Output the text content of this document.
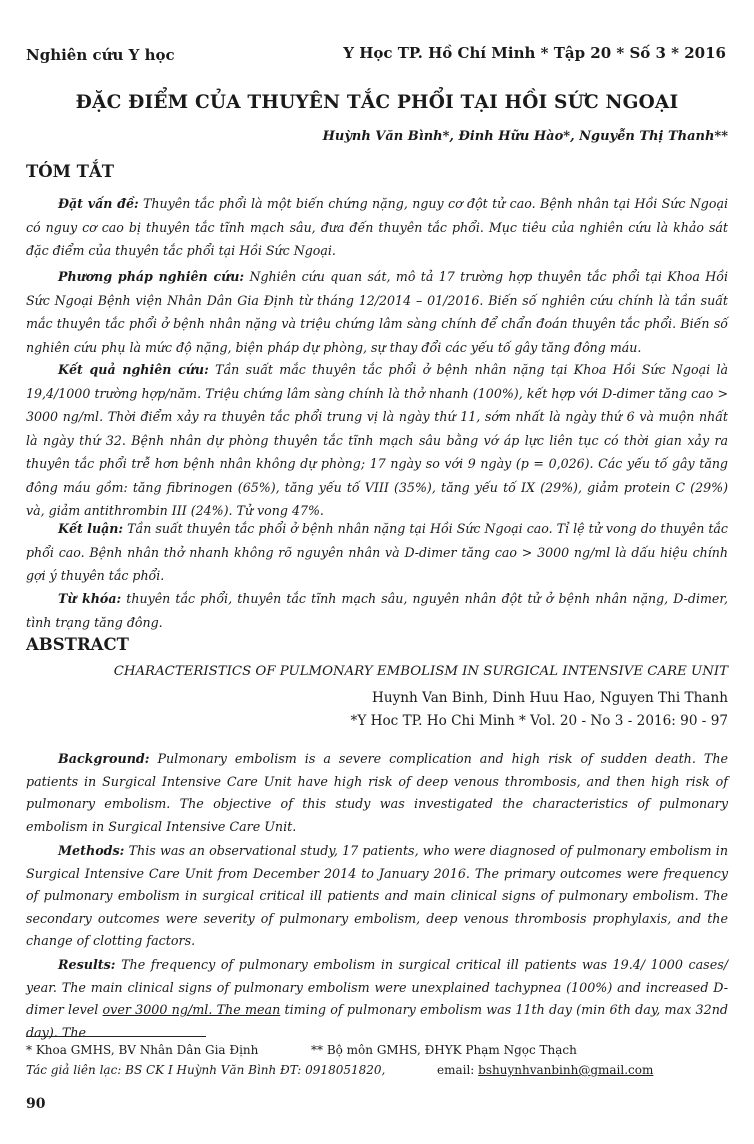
Nghiên cứu Y học	Y Học TP. Hồ Chí Minh * Tập 20 * Số 3 * 2016
ĐẶC ĐIỂM CỦA THUYÊN TẮC PHỔI TẠI HỒI SỨC NGOẠI
Huỳnh Văn Bình*, Đinh Hữu Hào*, Nguyễn Thị Thanh**
TÓM TẮT
Đặt vấn đề: Thuyên tắc phổi là một biến chứng nặng, nguy cơ đột tử cao. Bệnh nhân tại Hồi Sức Ngoại có nguy cơ cao bị thuyên tắc tĩnh mạch sâu, đưa đến thuyên tắc phổi. Mục tiêu của nghiên cứu là khảo sát đặc điểm của thuyên tắc phổi tại Hồi Sức Ngoại.
Phương pháp nghiên cứu: Nghiên cứu quan sát, mô tả 17 trường hợp thuyên tắc phổi tại Khoa Hồi Sức Ngoại Bệnh viện Nhân Dân Gia Định từ tháng 12/2014 – 01/2016. Biến số nghiên cứu chính là tần suất mắc thuyên tắc phổi ở bệnh nhân nặng và triệu chứng lâm sàng chính để chẩn đoán thuyên tắc phổi. Biến số nghiên cứu phụ là mức độ nặng, biện pháp dự phòng, sự thay đổi các yếu tố gây tăng đông máu.
Kết quả nghiên cứu: Tần suất mắc thuyên tắc phổi ở bệnh nhân nặng tại Khoa Hồi Sức Ngoại là 19,4/1000 trường hợp/năm. Triệu chứng lâm sàng chính là thở nhanh (100%), kết hợp với D-dimer tăng cao > 3000 ng/ml. Thời điểm xảy ra thuyên tắc phổi trung vị là ngày thứ 11, sớm nhất là ngày thứ 6 và muộn nhất là ngày thứ 32. Bệnh nhân dự phòng thuyên tắc tĩnh mạch sâu bằng vớ áp lực liên tục có thời gian xảy ra thuyên tắc phổi trễ hơn bệnh nhân không dự phòng; 17 ngày so với 9 ngày (p = 0,026). Các yếu tố gây tăng đông máu gồm: tăng fibrinogen (65%), tăng yếu tố VIII (35%), tăng yếu tố IX (29%), giảm protein C (29%) và, giảm antithrombin III (24%). Tử vong 47%.
Kết luận: Tần suất thuyên tắc phổi ở bệnh nhân nặng tại Hồi Sức Ngoại cao. Tỉ lệ tử vong do thuyên tắc phổi cao. Bệnh nhân thở nhanh không rõ nguyên nhân và D-dimer tăng cao > 3000 ng/ml là dấu hiệu chính gợi ý thuyên tắc phổi.
Từ khóa: thuyên tắc phổi, thuyên tắc tĩnh mạch sâu, nguyên nhân đột tử ở bệnh nhân nặng, D-dimer, tình trạng tăng đông.
ABSTRACT
CHARACTERISTICS OF PULMONARY EMBOLISM IN SURGICAL INTENSIVE CARE UNIT
Huynh Van Binh, Dinh Huu Hao, Nguyen Thi Thanh
*Y Hoc TP. Ho Chi Minh * Vol. 20 - No 3 - 2016: 90 - 97
Background: Pulmonary embolism is a severe complication and high risk of sudden death. The patients in Surgical Intensive Care Unit have high risk of deep venous thrombosis, and then high risk of pulmonary embolism. The objective of this study was investigated the characteristics of pulmonary embolism in Surgical Intensive Care Unit.
Methods: This was an observational study, 17 patients, who were diagnosed of pulmonary embolism in Surgical Intensive Care Unit from December 2014 to January 2016. The primary outcomes were frequency of pulmonary embolism in surgical critical ill patients and main clinical signs of pulmonary embolism. The secondary outcomes were severity of pulmonary embolism, deep venous thrombosis prophylaxis, and the change of clotting factors.
Results: The frequency of pulmonary embolism in surgical critical ill patients was 19.4/ 1000 cases/ year. The main clinical signs of pulmonary embolism were unexplained tachypnea (100%) and increased D-dimer level over 3000 ng/ml. The mean timing of pulmonary embolism was 11th day (min 6th day, max 32nd day). The
* Khoa GMHS, BV Nhân Dân Gia Định	** Bộ môn GMHS, ĐHYK Phạm Ngọc Thạch
Tác giả liên lạc: BS CK I Huỳnh Văn Bình ĐT: 0918051820,	email: bshuynhvanbinh@gmail.com
90
